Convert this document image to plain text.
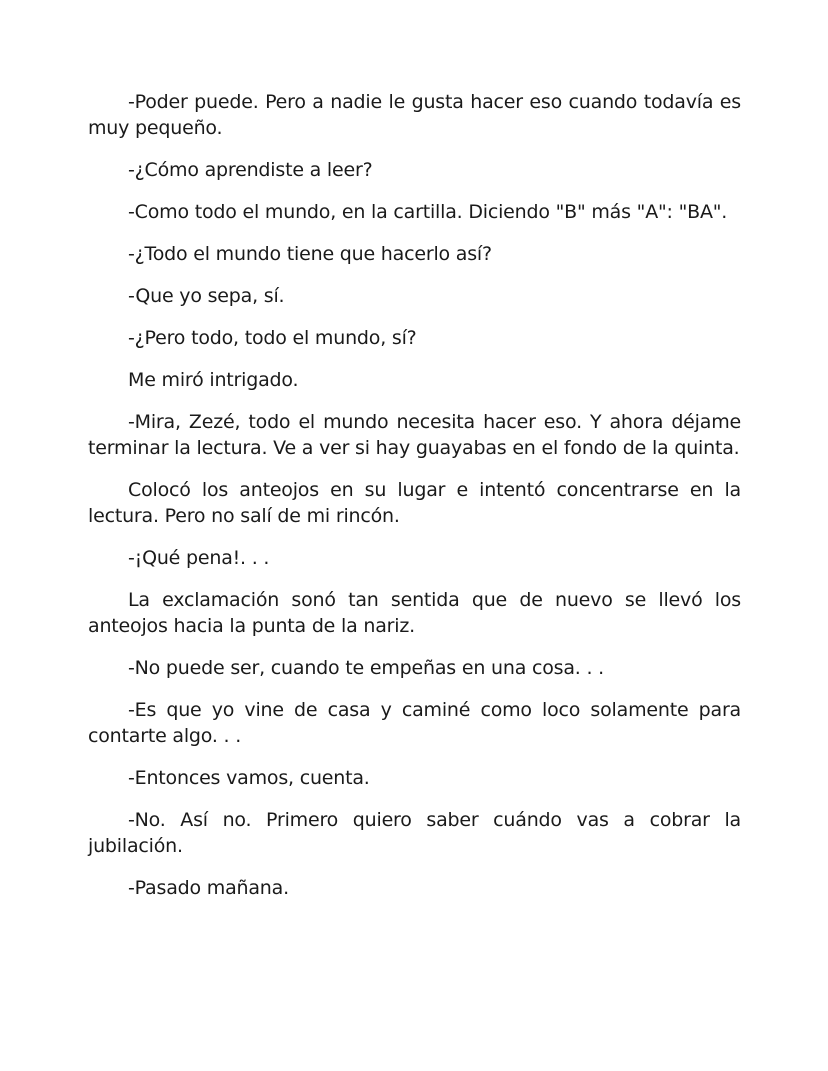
-Poder puede. Pero a nadie le gusta hacer eso cuando todavía es muy pequeño.

-¿Cómo aprendiste a leer?

-Como todo el mundo, en la cartilla. Diciendo "B" más "A": "BA".

-¿Todo el mundo tiene que hacerlo así?

-Que yo sepa, sí.

-¿Pero todo, todo el mundo, sí?

Me miró intrigado.

-Mira, Zezé, todo el mundo necesita hacer eso. Y ahora déjame terminar la lectura. Ve a ver si hay guayabas en el fondo de la quinta.

Colocó los anteojos en su lugar e intentó concentrarse en la lectura. Pero no salí de mi rincón.

-¡Qué pena!. . .

La exclamación sonó tan sentida que de nuevo se llevó los anteojos hacia la punta de la nariz.

-No puede ser, cuando te empeñas en una cosa. . .

-Es que yo vine de casa y caminé como loco solamente para contarte algo. . .

-Entonces vamos, cuenta.

-No. Así no. Primero quiero saber cuándo vas a cobrar la jubilación.

-Pasado mañana.
